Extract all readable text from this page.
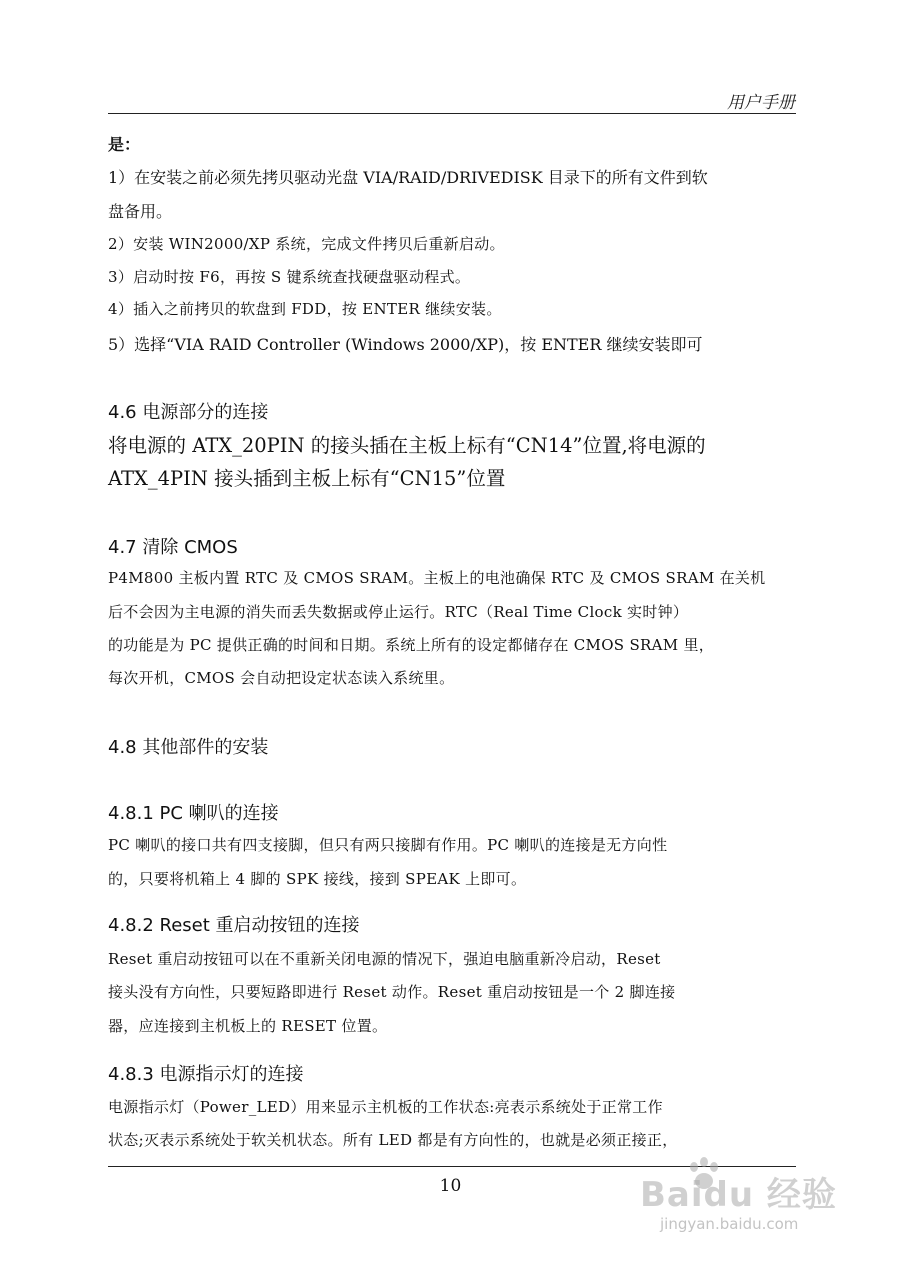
用户手册
是：
1）在安装之前必须先拷贝驱动光盘 VIA/RAID/DRIVEDISK 目录下的所有文件到软
盘备用。
2）安装 WIN2000/XP 系统，完成文件拷贝后重新启动。
3）启动时按 F6，再按 S 键系统查找硬盘驱动程式。
4）插入之前拷贝的软盘到 FDD，按 ENTER 继续安装。
5）选择“VIA RAID Controller (Windows 2000/XP)，按 ENTER 继续安装即可
4.6 电源部分的连接
将电源的 ATX_20PIN 的接头插在主板上标有“CN14”位置,将电源的
ATX_4PIN 接头插到主板上标有“CN15”位置
4.7 清除 CMOS
P4M800 主板内置 RTC 及 CMOS SRAM。主板上的电池确保 RTC 及 CMOS SRAM 在关机
后不会因为主电源的消失而丢失数据或停止运行。RTC（Real Time Clock 实时钟）
的功能是为 PC 提供正确的时间和日期。系统上所有的设定都储存在 CMOS SRAM 里，
每次开机，CMOS 会自动把设定状态读入系统里。
4.8 其他部件的安装
4.8.1 PC 喇叭的连接
PC 喇叭的接口共有四支接脚，但只有两只接脚有作用。PC 喇叭的连接是无方向性
的，只要将机箱上 4 脚的 SPK 接线，接到 SPEAK 上即可。
4.8.2 Reset 重启动按钮的连接
Reset 重启动按钮可以在不重新关闭电源的情况下，强迫电脑重新冷启动，Reset
接头没有方向性，只要短路即进行 Reset 动作。Reset 重启动按钮是一个 2 脚连接
器，应连接到主机板上的 RESET 位置。
4.8.3 电源指示灯的连接
电源指示灯（Power_LED）用来显示主机板的工作状态:亮表示系统处于正常工作
状态;灭表示系统处于软关机状态。所有 LED 都是有方向性的，也就是必须正接正，
10	Baidu 经验
jingyan.baidu.com
